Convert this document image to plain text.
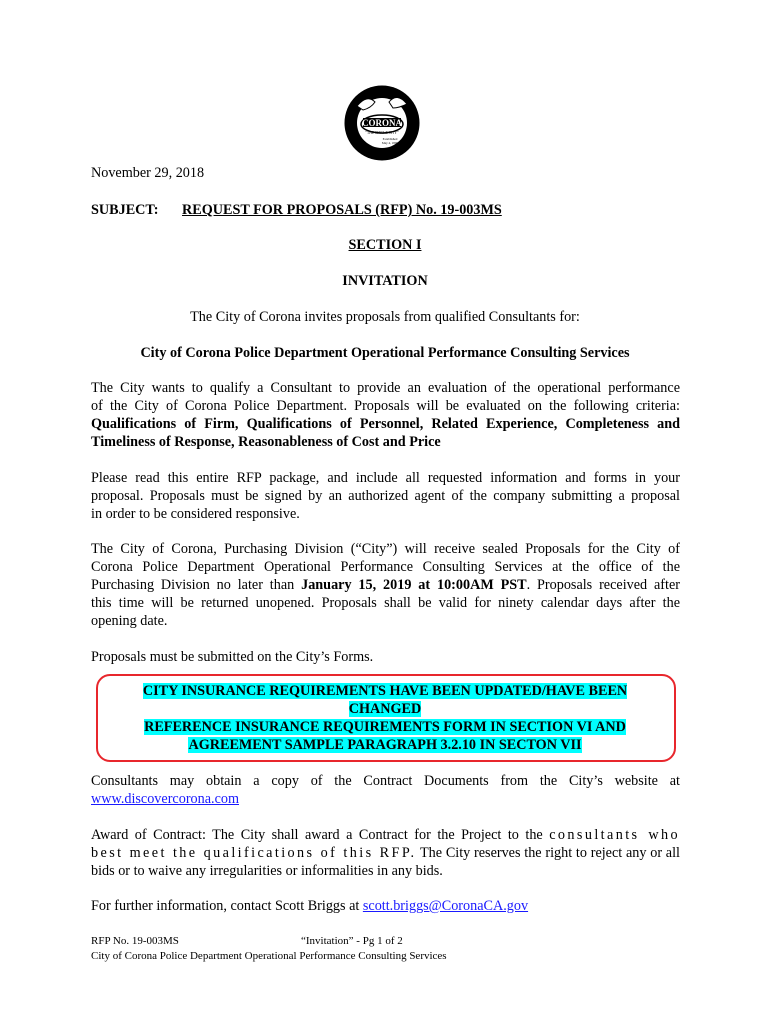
CORONA
"THE CIRCLE CITY"
Established
May 4, 1896
November 29, 2018
SUBJECT: REQUEST FOR PROPOSALS (RFP) No. 19-003MS
SECTION I
INVITATION
The City of Corona invites proposals from qualified Consultants for:
City of Corona Police Department Operational Performance Consulting Services
The City wants to qualify a Consultant to provide an evaluation of the operational performance
of the City of Corona Police Department. Proposals will be evaluated on the following criteria:
Qualifications of Firm, Qualifications of Personnel, Related Experience, Completeness and
Timeliness of Response, Reasonableness of Cost and Price
Please read this entire RFP package, and include all requested information and forms in your
proposal. Proposals must be signed by an authorized agent of the company submitting a proposal
in order to be considered responsive.
The City of Corona, Purchasing Division (“City”) will receive sealed Proposals for the City of
Corona Police Department Operational Performance Consulting Services at the office of the
Purchasing Division no later than January 15, 2019 at 10:00AM PST. Proposals received after
this time will be returned unopened. Proposals shall be valid for ninety calendar days after the
opening date.
Proposals must be submitted on the City’s Forms.
CITY INSURANCE REQUIREMENTS HAVE BEEN UPDATED/HAVE BEEN
CHANGED
REFERENCE INSURANCE REQUIREMENTS FORM IN SECTION VI AND
AGREEMENT SAMPLE PARAGRAPH 3.2.10 IN SECTON VII
Consultants may obtain a copy of the Contract Documents from the City’s website at
www.discovercorona.com
Award of Contract: The City shall award a Contract for the Project to the consultants who
best meet the qualifications of this RFP. The City reserves the right to reject any or all
bids or to waive any irregularities or informalities in any bids.
For further information, contact Scott Briggs at scott.briggs@CoronaCA.gov
RFP No. 19-003MS	“Invitation” - Pg 1 of 2
City of Corona Police Department Operational Performance Consulting Services
